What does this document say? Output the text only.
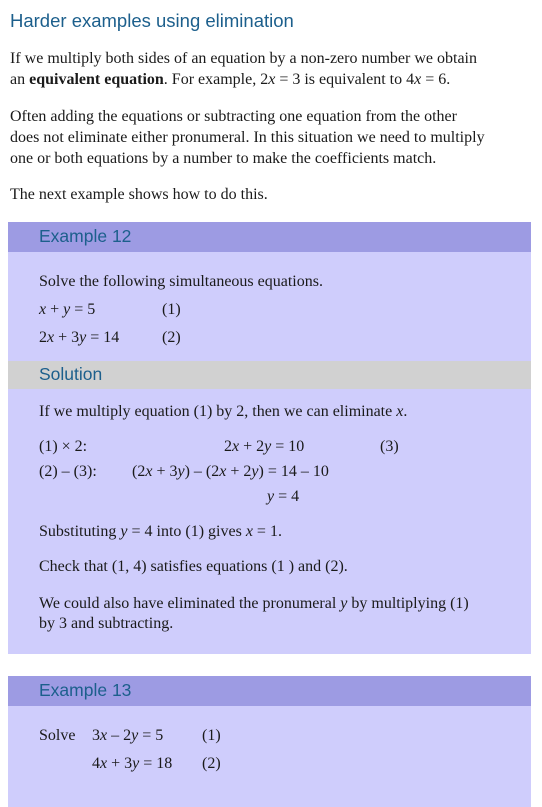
Harder examples using elimination
If we multiply both sides of an equation by a non-zero number we obtain
an equivalent equation. For example, 2x = 3 is equivalent to 4x = 6.
Often adding the equations or subtracting one equation from the other
does not eliminate either pronumeral. In this situation we need to multiply
one or both equations by a number to make the coefficients match.
The next example shows how to do this.
Example 12
Solve the following simultaneous equations.
x + y = 5	(1)
2x + 3y = 14	(2)
Solution
If we multiply equation (1) by 2, then we can eliminate x.
(1) × 2:	2x + 2y = 10	(3)
(2) – (3): (2x + 3y) – (2x + 2y) = 14 – 10
y = 4
Substituting y = 4 into (1) gives x = 1.
Check that (1, 4) satisfies equations (1 ) and (2).
We could also have eliminated the pronumeral y by multiplying (1)
by 3 and subtracting.
Example 13
Solve 3x – 2y = 5 (1)
4x + 3y = 18 (2)
